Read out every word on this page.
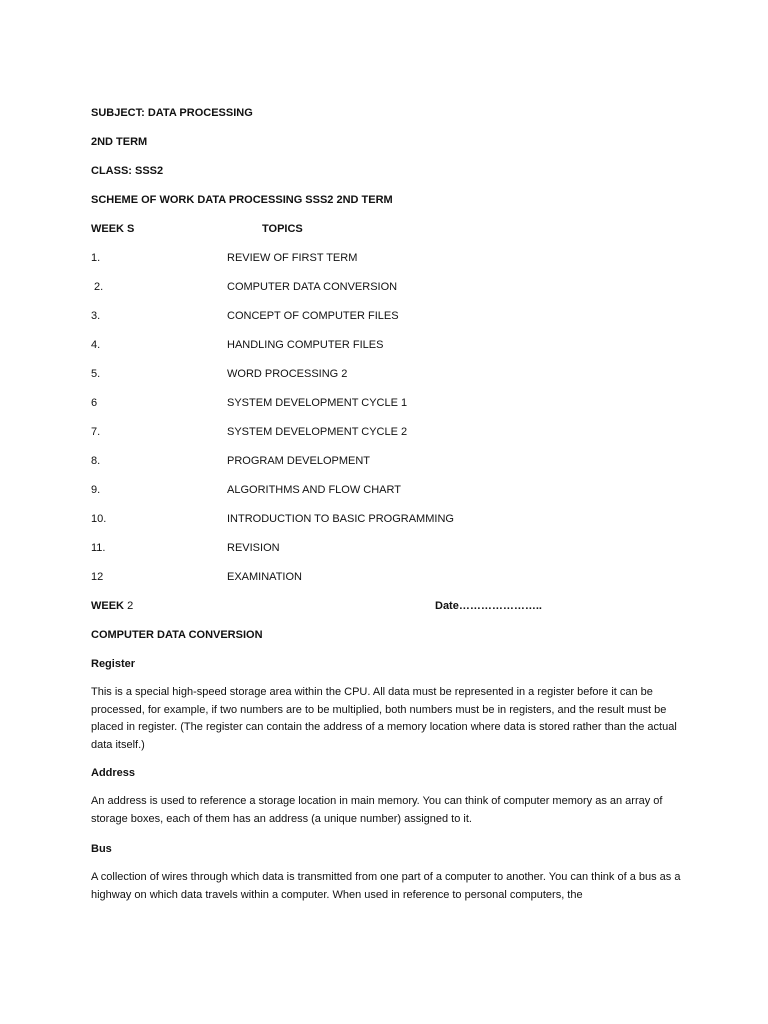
SUBJECT: DATA PROCESSING
2ND TERM
CLASS: SSS2
SCHEME OF WORK DATA PROCESSING SSS2 2ND TERM
WEEK S	TOPICS
1.	REVIEW OF FIRST TERM
2.	COMPUTER DATA CONVERSION
3.	CONCEPT OF COMPUTER FILES
4.	HANDLING COMPUTER FILES
5.	WORD PROCESSING 2
6	SYSTEM DEVELOPMENT CYCLE 1
7.	SYSTEM DEVELOPMENT CYCLE 2
8.	PROGRAM DEVELOPMENT
9.	ALGORITHMS AND FLOW CHART
10.	INTRODUCTION TO BASIC PROGRAMMING
11.	REVISION
12	EXAMINATION
WEEK 2	Date…………………..
COMPUTER DATA CONVERSION
Register
This is a special high-speed storage area within the CPU. All data must be represented in a register before it can be processed, for example, if two numbers are to be multiplied, both numbers must be in registers, and the result must be placed in register. (The register can contain the address of a memory location where data is stored rather than the actual data itself.)
Address
An address is used to reference a storage location in main memory. You can think of computer memory as an array of storage boxes, each of them has an address (a unique number) assigned to it.
Bus
A collection of wires through which data is transmitted from one part of a computer to another. You can think of a bus as a highway on which data travels within a computer. When used in reference to personal computers, the
